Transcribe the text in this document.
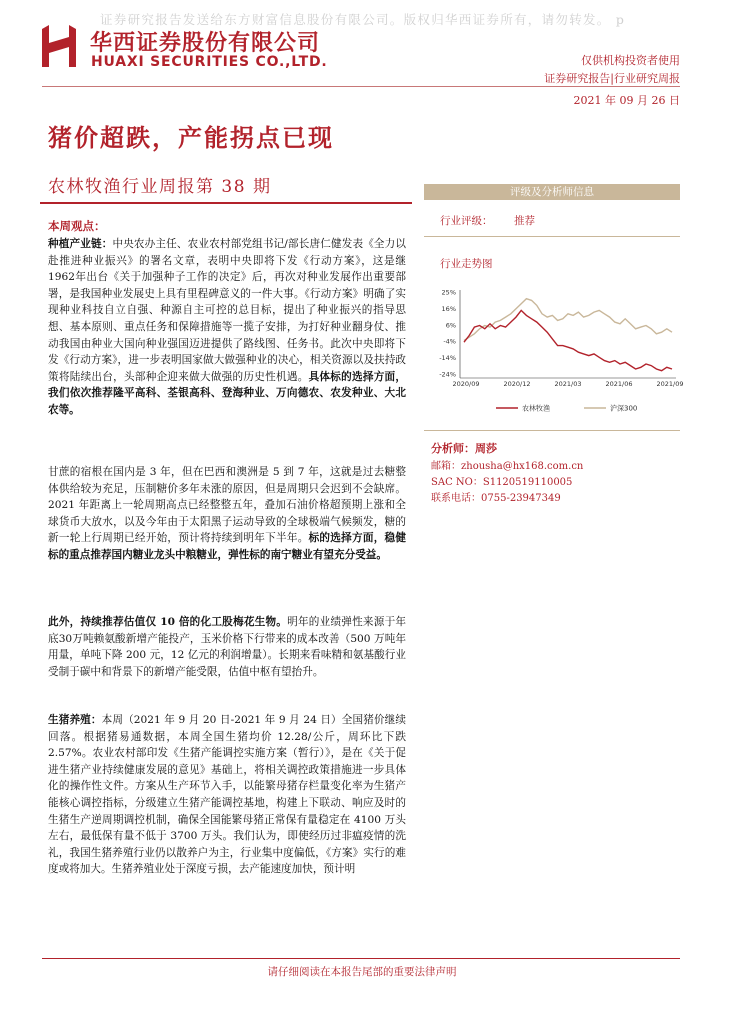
证券研究报告发送给东方财富信息股份有限公司。版权归华西证券所有，请勿转发。 p
华西证券股份有限公司
HUAXI SECURITIES CO.,LTD.	仅供机构投资者使用
证券研究报告|行业研究周报
2021 年 09 月 26 日
猪价超跌，产能拐点已现
农林牧渔行业周报第 38 期
本周观点：

种植产业链：中央农办主任、农业农村部党组书记/部长唐仁健发表《全力以赴推进种业振兴》的署名文章，表明中央即将下发《行动方案》，这是继1962年出台《关于加强种子工作的决定》后，再次对种业发展作出重要部署，是我国种业发展史上具有里程碑意义的一件大事。《行动方案》明确了实现种业科技自立自强、种源自主可控的总目标，提出了种业振兴的指导思想、基本原则、重点任务和保障措施等一揽子安排，为打好种业翻身仗、推动我国由种业大国向种业强国迈进提供了路线图、任务书。此次中央即将下发《行动方案》，进一步表明国家做大做强种业的决心，相关资源以及扶持政策将陆续出台，头部种企迎来做大做强的历史性机遇。具体标的选择方面，我们依次推荐隆平高科、荃银高科、登海种业、万向德农、农发种业、大北农等。

甘蔗的宿根在国内是 3 年，但在巴西和澳洲是 5 到 7 年，这就是过去糖整体供给较为充足，压制糖价多年未涨的原因，但是周期只会迟到不会缺席。2021 年距离上一轮周期高点已经整整五年，叠加石油价格超预期上涨和全球货币大放水，以及今年由于太阳黑子运动导致的全球极端气候频发，糖的新一轮上行周期已经开始，预计将持续到明年下半年。标的选择方面，稳健标的重点推荐国内糖业龙头中粮糖业，弹性标的南宁糖业有望充分受益。

此外，持续推荐估值仅 10 倍的化工股梅花生物。明年的业绩弹性来源于年底30万吨赖氨酸新增产能投产，玉米价格下行带来的成本改善（500 万吨年用量，单吨下降 200 元，12 亿元的利润增量）。长期来看味精和氨基酸行业受制于碳中和背景下的新增产能受限，估值中枢有望抬升。

生猪养殖：本周（2021 年 9 月 20 日-2021 年 9 月 24 日）全国猪价继续回落。根据猪易通数据，本周全国生猪均价 12.28/公斤，周环比下跌 2.57%。农业农村部印发《生猪产能调控实施方案（暂行）》，是在《关于促进生猪产业持续健康发展的意见》基础上，将相关调控政策措施进一步具体化的操作性文件。方案从生产环节入手，以能繁母猪存栏量变化率为生猪产能核心调控指标，分级建立生猪产能调控基地，构建上下联动、响应及时的生猪生产逆周期调控机制，确保全国能繁母猪正常保有量稳定在 4100 万头左右，最低保有量不低于 3700 万头。我们认为，即使经历过非瘟疫情的洗礼，我国生猪养殖行业仍以散养户为主，行业集中度偏低，《方案》实行的难度或将加大。生猪养殖业处于深度亏损，去产能速度加快，预计明

评级及分析师信息
行业评级： 推荐
行业走势图
25%
16%
6%
-4%
-14%
-24%
2020/09	2020/12	2021/03	2021/06	2021/09
农林牧渔	沪深300
分析师：周莎
邮箱：zhousha@hx168.com.cn
SAC NO：S1120519110005
联系电话：0755-23947349
请仔细阅读在本报告尾部的重要法律声明
